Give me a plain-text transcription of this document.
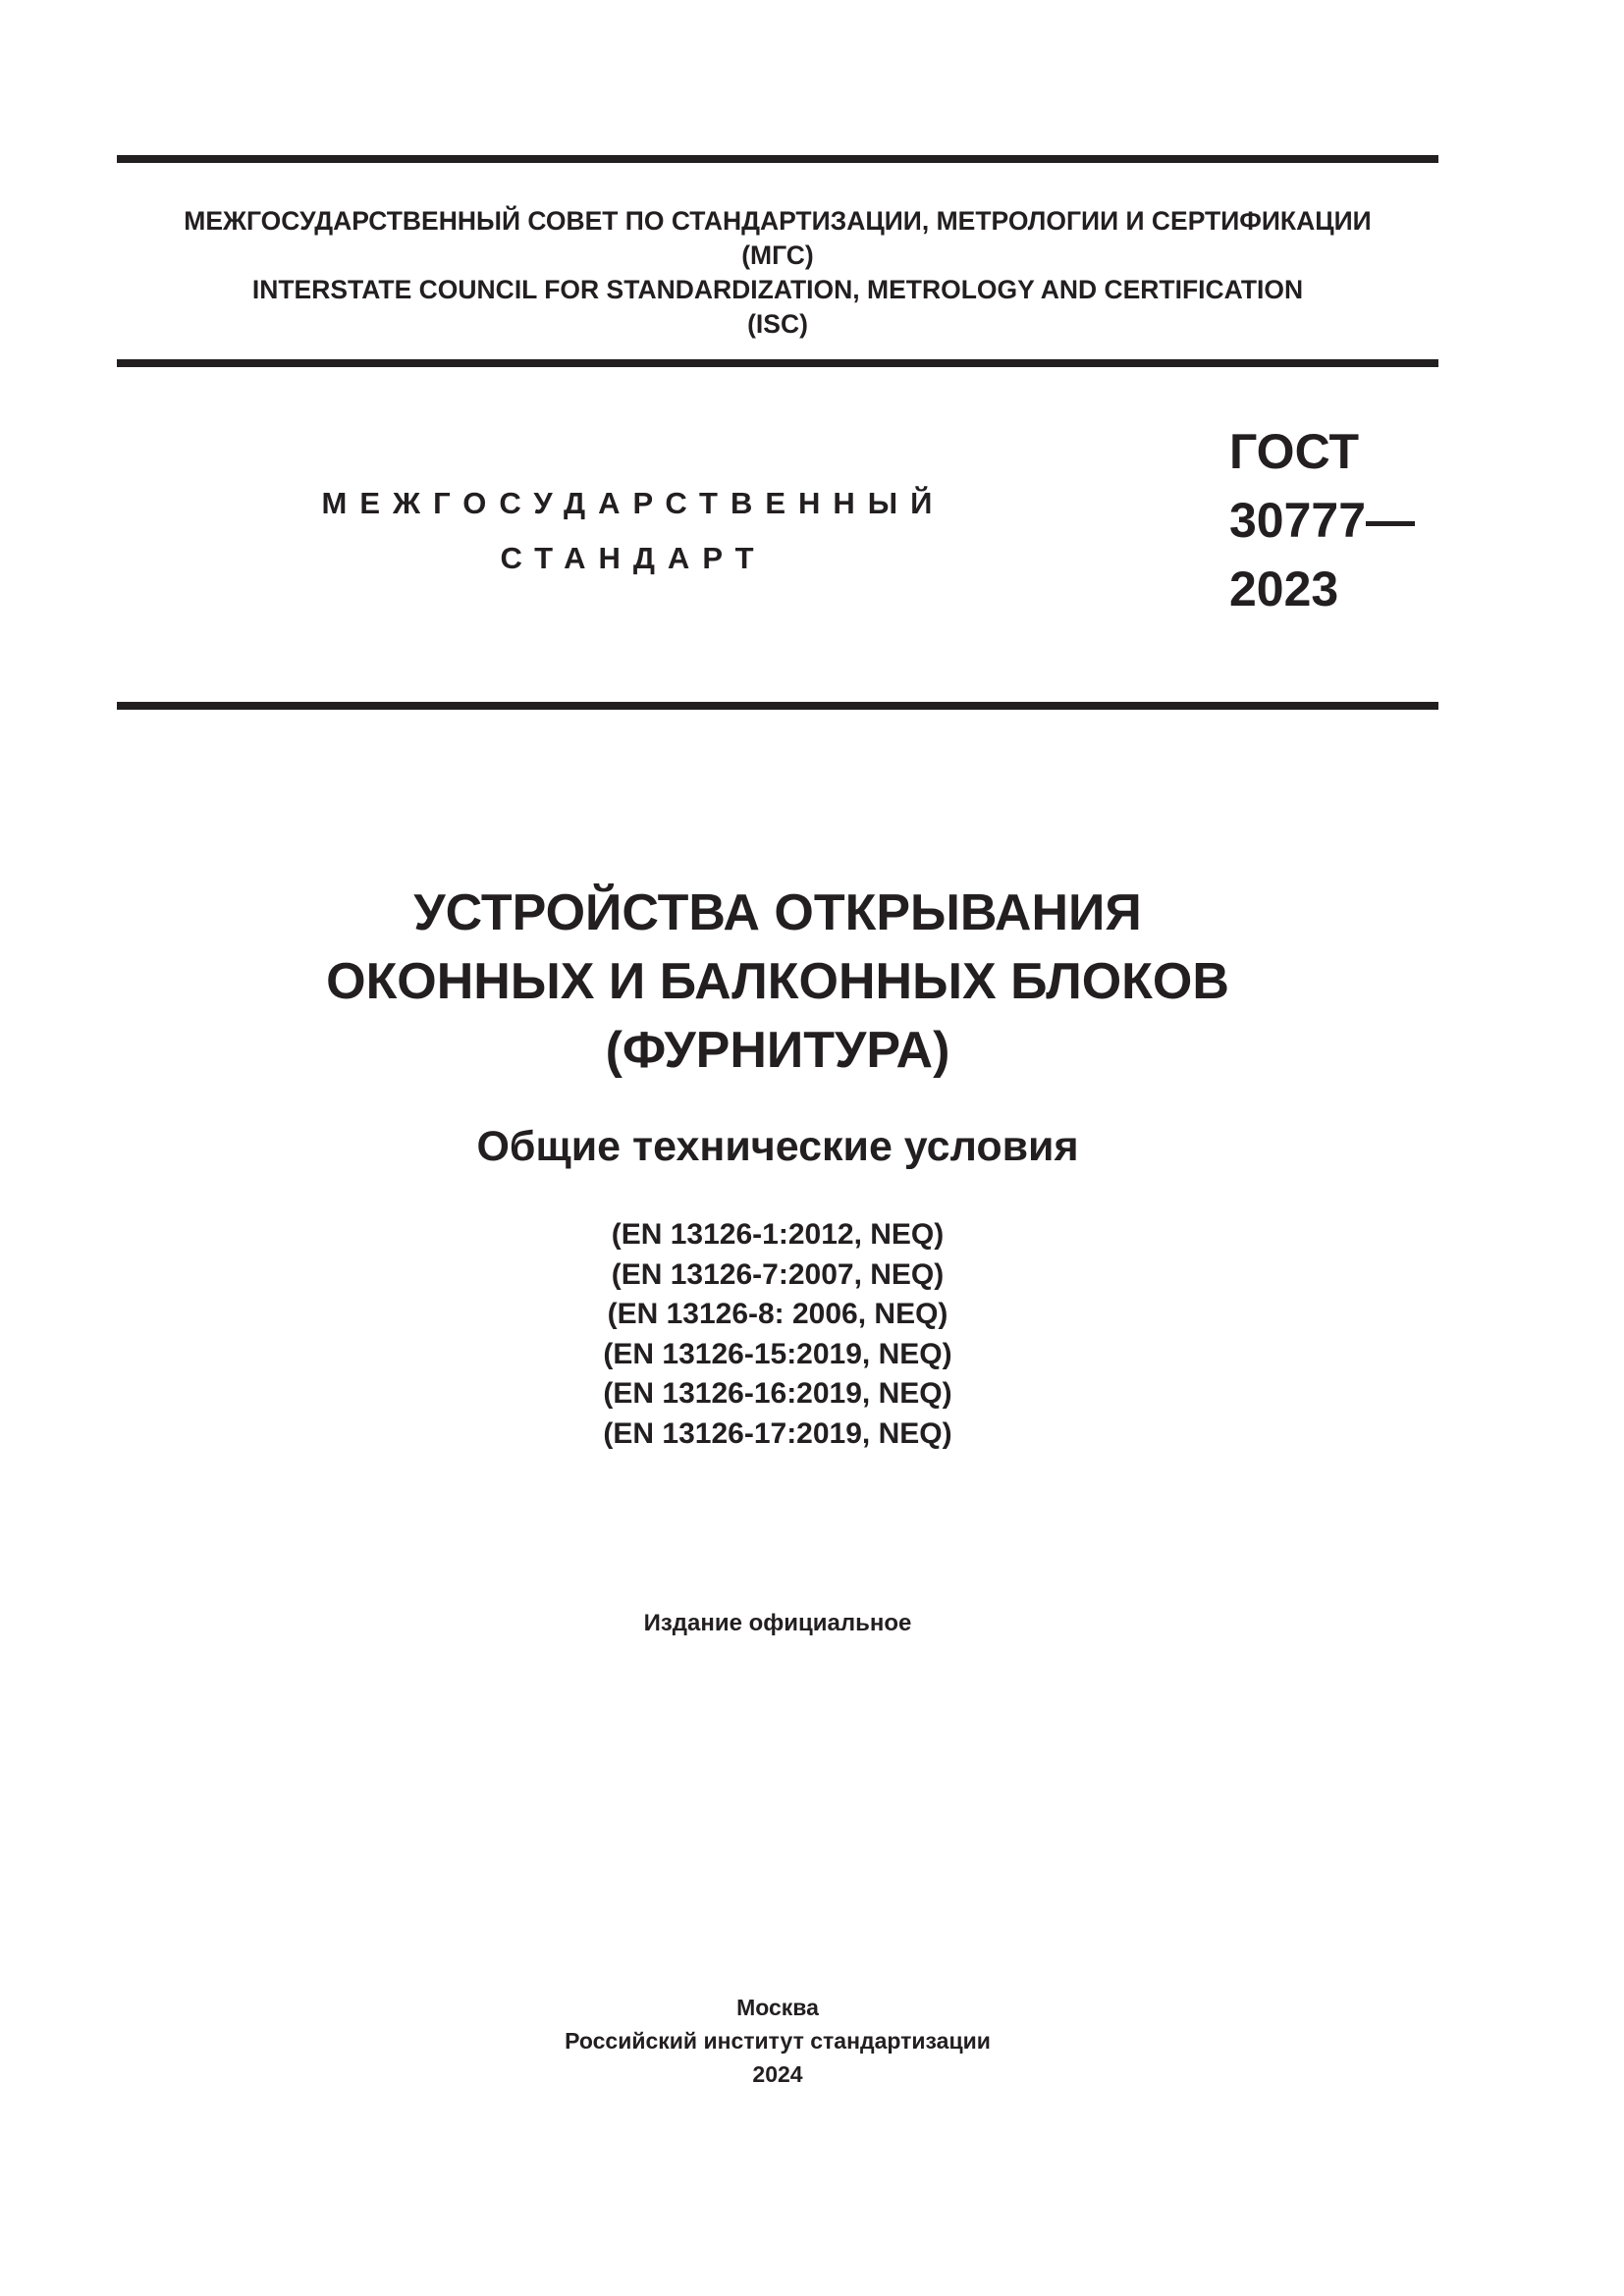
МЕЖГОСУДАРСТВЕННЫЙ СОВЕТ ПО СТАНДАРТИЗАЦИИ, МЕТРОЛОГИИ И СЕРТИФИКАЦИИ
(МГС)
INTERSTATE COUNCIL FOR STANDARDIZATION, METROLOGY AND CERTIFICATION
(ISC)
МЕЖГОСУДАРСТВЕННЫЙ
СТАНДАРТ
ГОСТ
30777—
2023
УСТРОЙСТВА ОТКРЫВАНИЯ
ОКОННЫХ И БАЛКОННЫХ БЛОКОВ
(ФУРНИТУРА)
Общие технические условия
(EN 13126-1:2012, NEQ)
(EN 13126-7:2007, NEQ)
(EN 13126-8: 2006, NEQ)
(EN 13126-15:2019, NEQ)
(EN 13126-16:2019, NEQ)
(EN 13126-17:2019, NEQ)
Издание официальное
Москва
Российский институт стандартизации
2024
